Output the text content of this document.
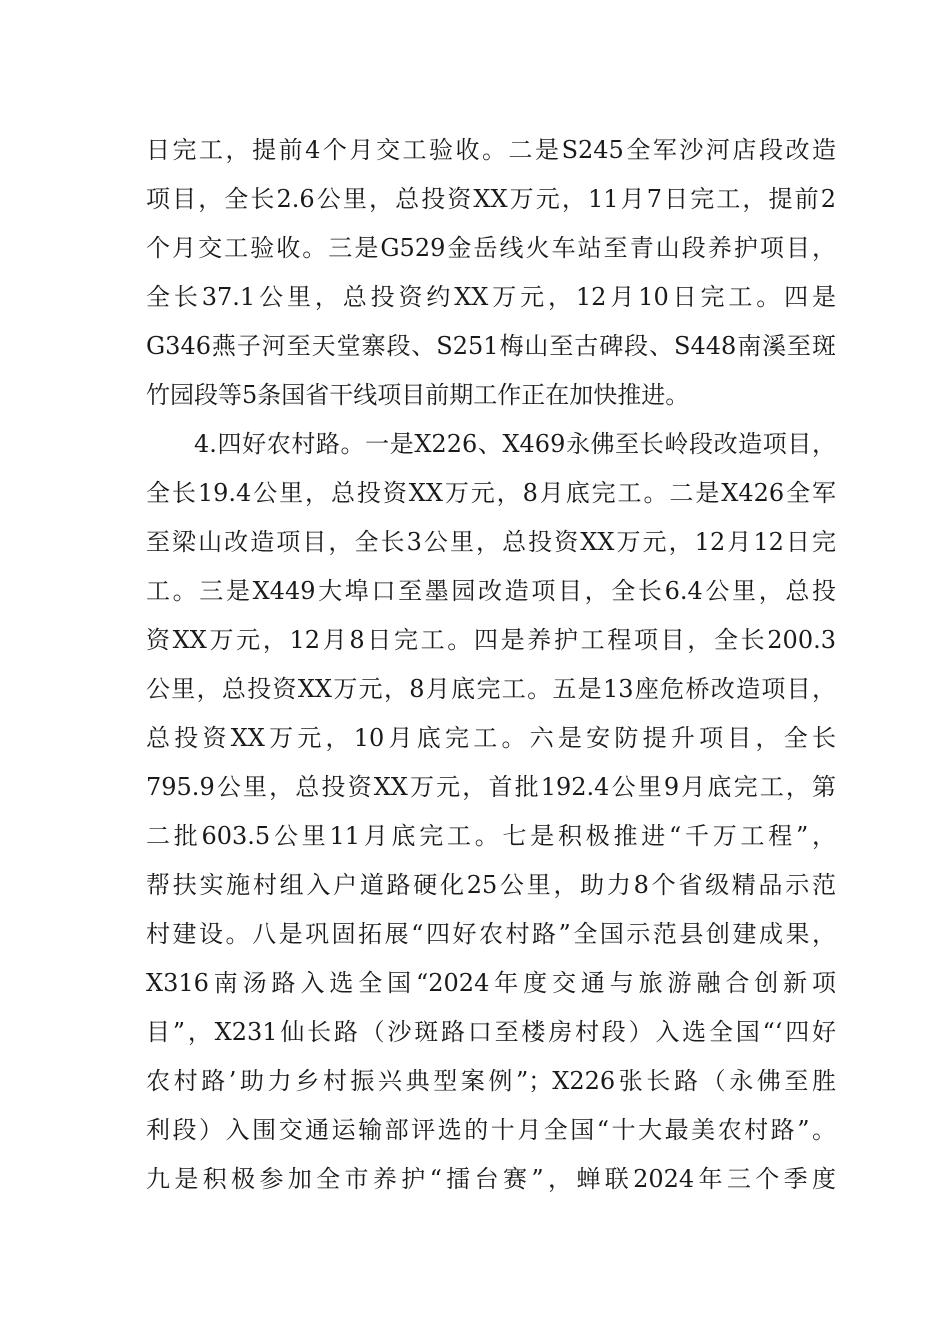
日完工，提前4个月交工验收。二是S245全军沙河店段改造
项目，全长2.6公里，总投资XX万元，11月7日完工，提前2
个月交工验收。三是G529金岳线火车站至青山段养护项目，
全长37.1公里，总投资约XX万元，12月10日完工。四是
G346燕子河至天堂寨段、S251梅山至古碑段、S448南溪至斑
竹园段等5条国省干线项目前期工作正在加快推进。
4.四好农村路。一是X226、X469永佛至长岭段改造项目，
全长19.4公里，总投资XX万元，8月底完工。二是X426全军
至梁山改造项目，全长3公里，总投资XX万元，12月12日完
工。三是X449大埠口至墨园改造项目，全长6.4公里，总投
资XX万元，12月8日完工。四是养护工程项目，全长200.3
公里，总投资XX万元，8月底完工。五是13座危桥改造项目，
总投资XX万元，10月底完工。六是安防提升项目，全长
795.9公里，总投资XX万元，首批192.4公里9月底完工，第
二批603.5公里11月底完工。七是积极推进“千万工程”，
帮扶实施村组入户道路硬化25公里，助力8个省级精品示范
村建设。八是巩固拓展“四好农村路”全国示范县创建成果，
X316南汤路入选全国“2024年度交通与旅游融合创新项
目”，X231仙长路（沙斑路口至楼房村段）入选全国“‘四好
农村路’助力乡村振兴典型案例”；X226张长路（永佛至胜
利段）入围交通运输部评选的十月全国“十大最美农村路”。
九是积极参加全市养护“擂台赛”，蝉联2024年三个季度
